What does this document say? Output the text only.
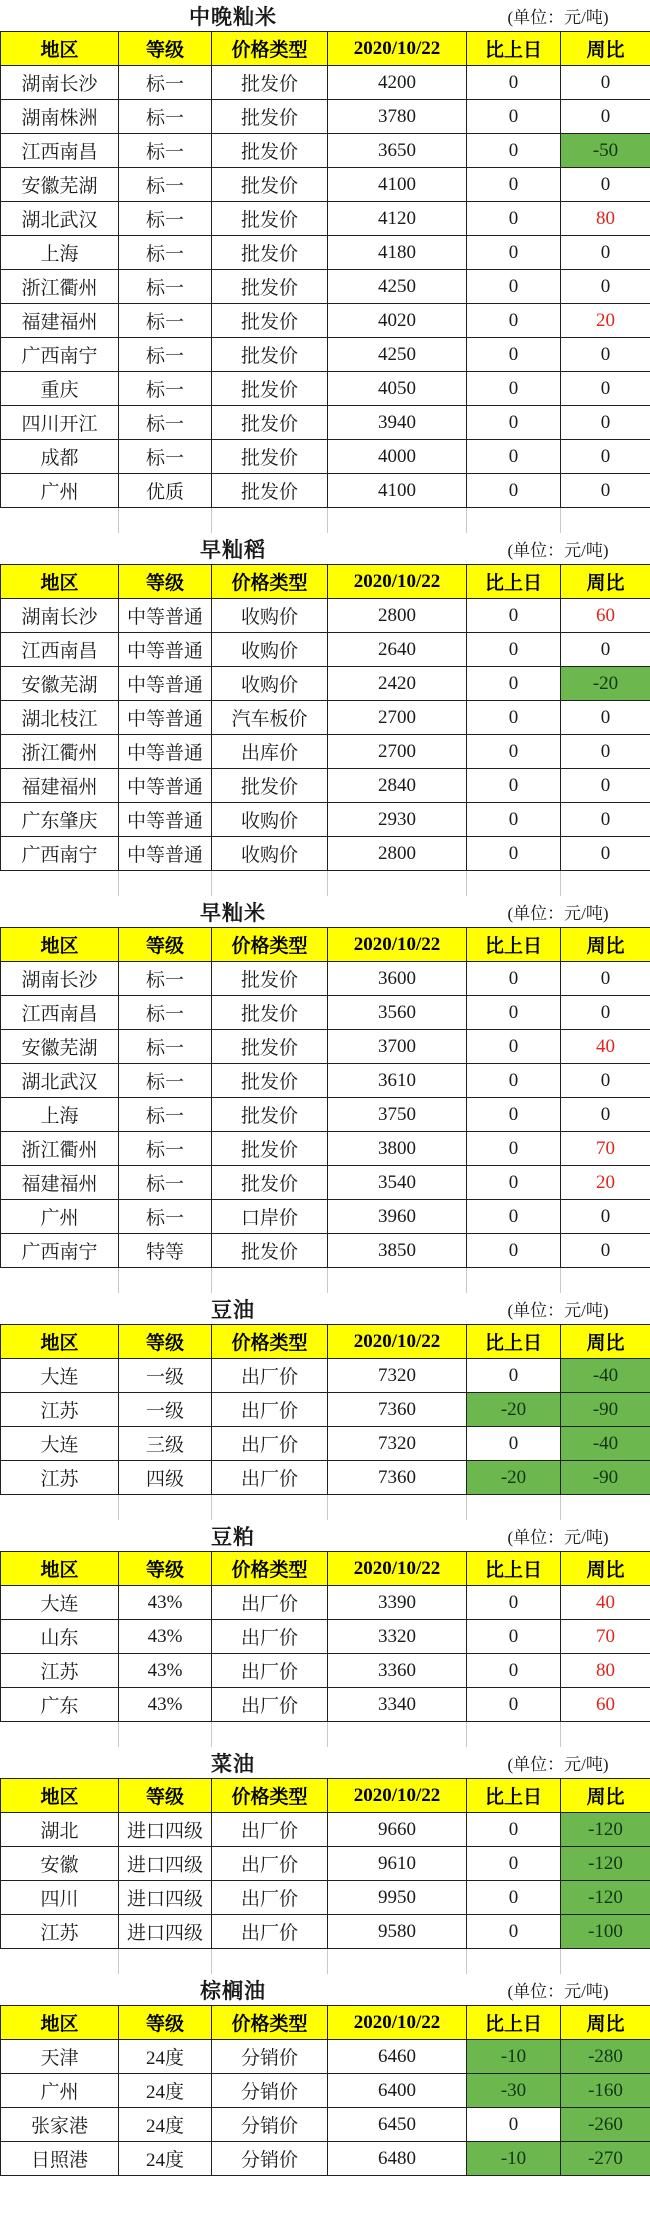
中晚籼米	(单位：元/吨)
地区	等级	价格类型	2020/10/22	比上日	周比
湖南长沙	标一	批发价	4200	0	0
湖南株洲	标一	批发价	3780	0	0
江西南昌	标一	批发价	3650	0	-50
安徽芜湖	标一	批发价	4100	0	0
湖北武汉	标一	批发价	4120	0	80
上海	标一	批发价	4180	0	0
浙江衢州	标一	批发价	4250	0	0
福建福州	标一	批发价	4020	0	20
广西南宁	标一	批发价	4250	0	0
重庆	标一	批发价	4050	0	0
四川开江	标一	批发价	3940	0	0
成都	标一	批发价	4000	0	0
广州	优质	批发价	4100	0	0
早籼稻	(单位：元/吨)
地区	等级	价格类型	2020/10/22	比上日	周比
湖南长沙	中等普通	收购价	2800	0	60
江西南昌	中等普通	收购价	2640	0	0
安徽芜湖	中等普通	收购价	2420	0	-20
湖北枝江	中等普通	汽车板价	2700	0	0
浙江衢州	中等普通	出库价	2700	0	0
福建福州	中等普通	批发价	2840	0	0
广东肇庆	中等普通	收购价	2930	0	0
广西南宁	中等普通	收购价	2800	0	0
早籼米	(单位：元/吨)
地区	等级	价格类型	2020/10/22	比上日	周比
湖南长沙	标一	批发价	3600	0	0
江西南昌	标一	批发价	3560	0	0
安徽芜湖	标一	批发价	3700	0	40
湖北武汉	标一	批发价	3610	0	0
上海	标一	批发价	3750	0	0
浙江衢州	标一	批发价	3800	0	70
福建福州	标一	批发价	3540	0	20
广州	标一	口岸价	3960	0	0
广西南宁	特等	批发价	3850	0	0
豆油	(单位：元/吨)
地区	等级	价格类型	2020/10/22	比上日	周比
大连	一级	出厂价	7320	0	-40
江苏	一级	出厂价	7360	-20	-90
大连	三级	出厂价	7320	0	-40
江苏	四级	出厂价	7360	-20	-90
豆粕	(单位：元/吨)
地区	等级	价格类型	2020/10/22	比上日	周比
大连	43%	出厂价	3390	0	40
山东	43%	出厂价	3320	0	70
江苏	43%	出厂价	3360	0	80
广东	43%	出厂价	3340	0	60
菜油	(单位：元/吨)
地区	等级	价格类型	2020/10/22	比上日	周比
湖北	进口四级	出厂价	9660	0	-120
安徽	进口四级	出厂价	9610	0	-120
四川	进口四级	出厂价	9950	0	-120
江苏	进口四级	出厂价	9580	0	-100
棕榈油	(单位：元/吨)
地区	等级	价格类型	2020/10/22	比上日	周比
天津	24度	分销价	6460	-10	-280
广州	24度	分销价	6400	-30	-160
张家港	24度	分销价	6450	0	-260
日照港	24度	分销价	6480	-10	-270
